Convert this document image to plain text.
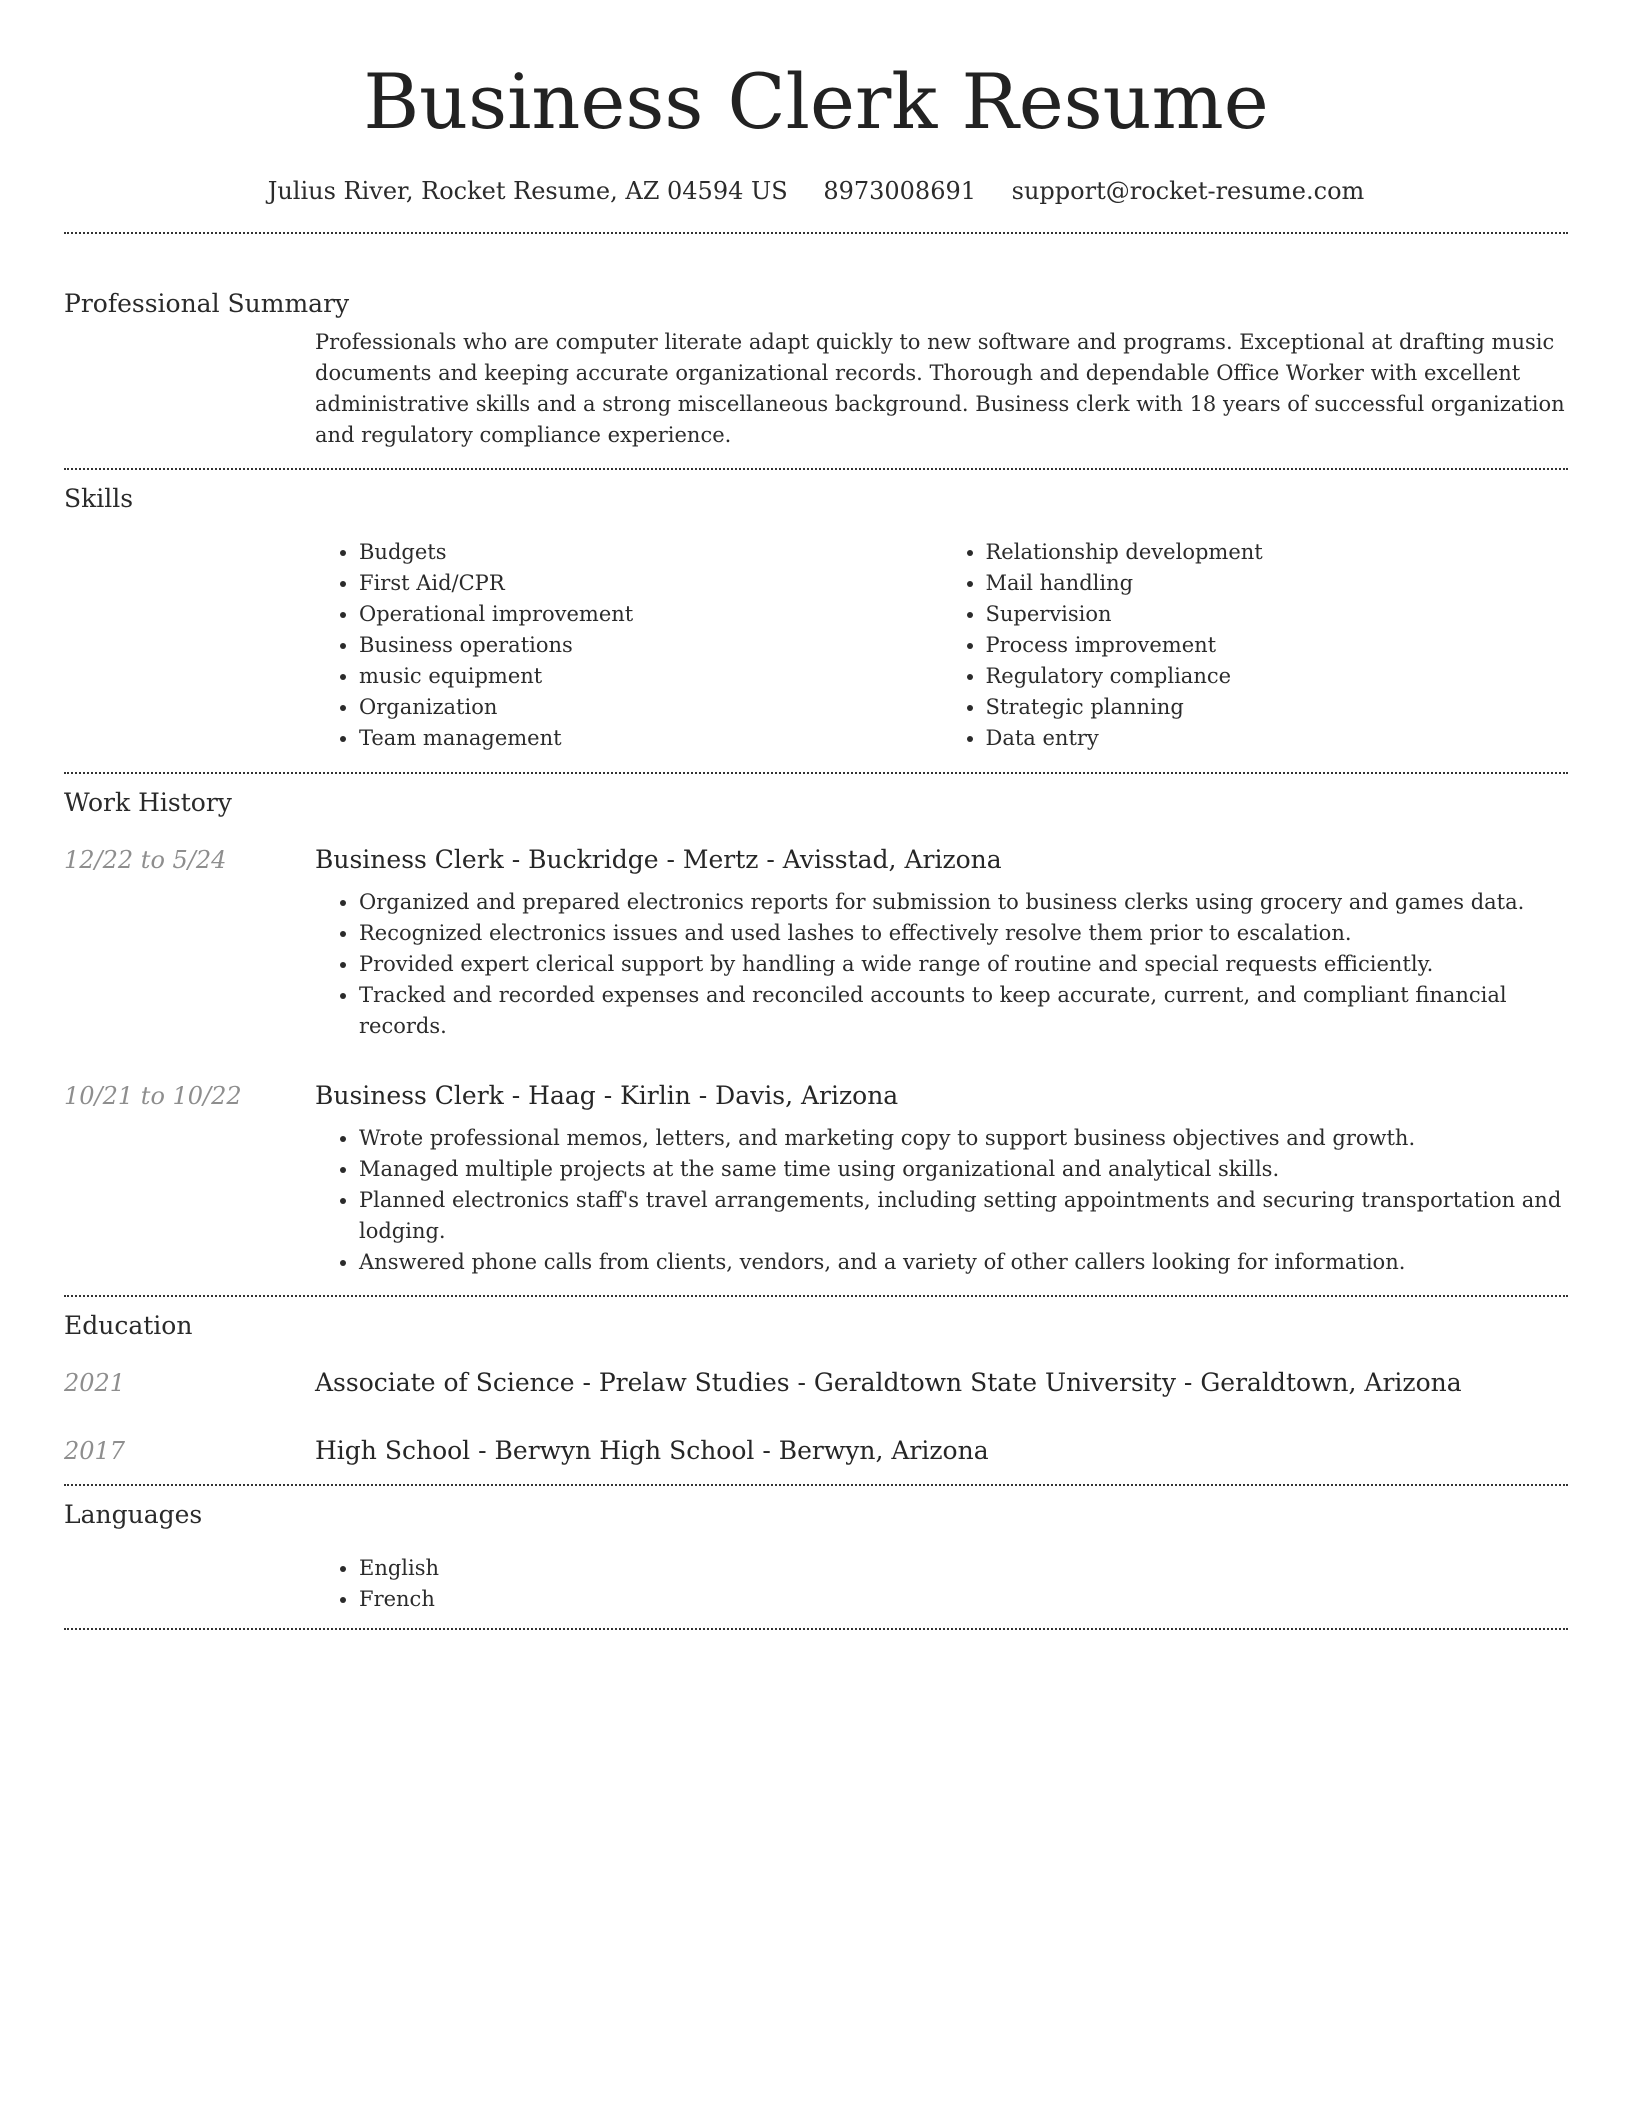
Business Clerk Resume
Julius River, Rocket Resume, AZ 04594 US 8973008691 support@rocket-resume.com
Professional Summary

Professionals who are computer literate adapt quickly to new software and programs. Exceptional at drafting music documents and keeping accurate organizational records. Thorough and dependable Office Worker with excellent administrative skills and a strong miscellaneous background. Business clerk with 18 years of successful organization and regulatory compliance experience.

Skills
• Budgets
• First Aid/CPR
• Operational improvement
• Business operations
• music equipment
• Organization
• Team management
• Relationship development
• Mail handling
• Supervision
• Process improvement
• Regulatory compliance
• Strategic planning
• Data entry
Work History
12/22 to 5/24	Business Clerk - Buckridge - Mertz - Avisstad, Arizona
• Organized and prepared electronics reports for submission to business clerks using grocery and games data.
• Recognized electronics issues and used lashes to effectively resolve them prior to escalation.
• Provided expert clerical support by handling a wide range of routine and special requests efficiently.
• Tracked and recorded expenses and reconciled accounts to keep accurate, current, and compliant financial records.
10/21 to 10/22	Business Clerk - Haag - Kirlin - Davis, Arizona
• Wrote professional memos, letters, and marketing copy to support business objectives and growth.
• Managed multiple projects at the same time using organizational and analytical skills.
• Planned electronics staff's travel arrangements, including setting appointments and securing transportation and lodging.
• Answered phone calls from clients, vendors, and a variety of other callers looking for information.
Education
2021	Associate of Science - Prelaw Studies - Geraldtown State University - Geraldtown, Arizona
2017	High School - Berwyn High School - Berwyn, Arizona
Languages
• English
• French
